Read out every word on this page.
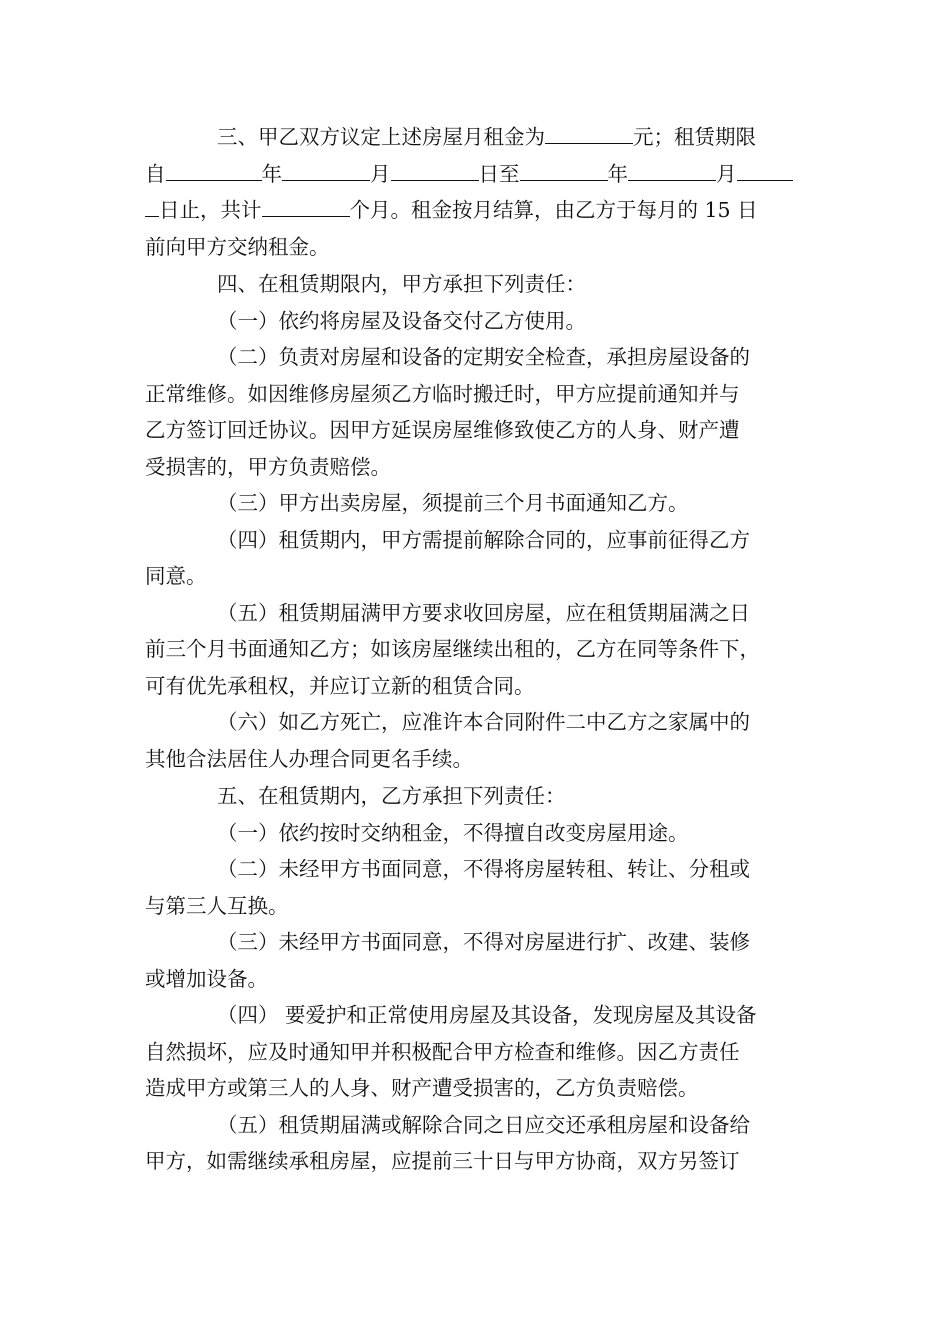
三、甲乙双方议定上述房屋月租金为	元；租赁期限
自	年	月	日至	年	月
日止，共计	个月。租金按月结算，由乙方于每月的 15 日
前向甲方交纳租金。
四、在租赁期限内，甲方承担下列责任：
（一）依约将房屋及设备交付乙方使用。
（二）负责对房屋和设备的定期安全检查，承担房屋设备的
正常维修。如因维修房屋须乙方临时搬迁时，甲方应提前通知并与
乙方签订回迁协议。因甲方延误房屋维修致使乙方的人身、财产遭
受损害的，甲方负责赔偿。
（三）甲方出卖房屋，须提前三个月书面通知乙方。
（四）租赁期内，甲方需提前解除合同的，应事前征得乙方
同意。
（五）租赁期届满甲方要求收回房屋，应在租赁期届满之日
前三个月书面通知乙方；如该房屋继续出租的，乙方在同等条件下，
可有优先承租权，并应订立新的租赁合同。
（六）如乙方死亡，应准许本合同附件二中乙方之家属中的
其他合法居住人办理合同更名手续。
五、在租赁期内，乙方承担下列责任：
（一）依约按时交纳租金，不得擅自改变房屋用途。
（二）未经甲方书面同意，不得将房屋转租、转让、分租或
与第三人互换。
（三）未经甲方书面同意，不得对房屋进行扩、改建、装修
或增加设备。
（四） 要爱护和正常使用房屋及其设备，发现房屋及其设备
自然损坏，应及时通知甲并积极配合甲方检查和维修。因乙方责任
造成甲方或第三人的人身、财产遭受损害的，乙方负责赔偿。
（五）租赁期届满或解除合同之日应交还承租房屋和设备给
甲方，如需继续承租房屋，应提前三十日与甲方协商，双方另签订
